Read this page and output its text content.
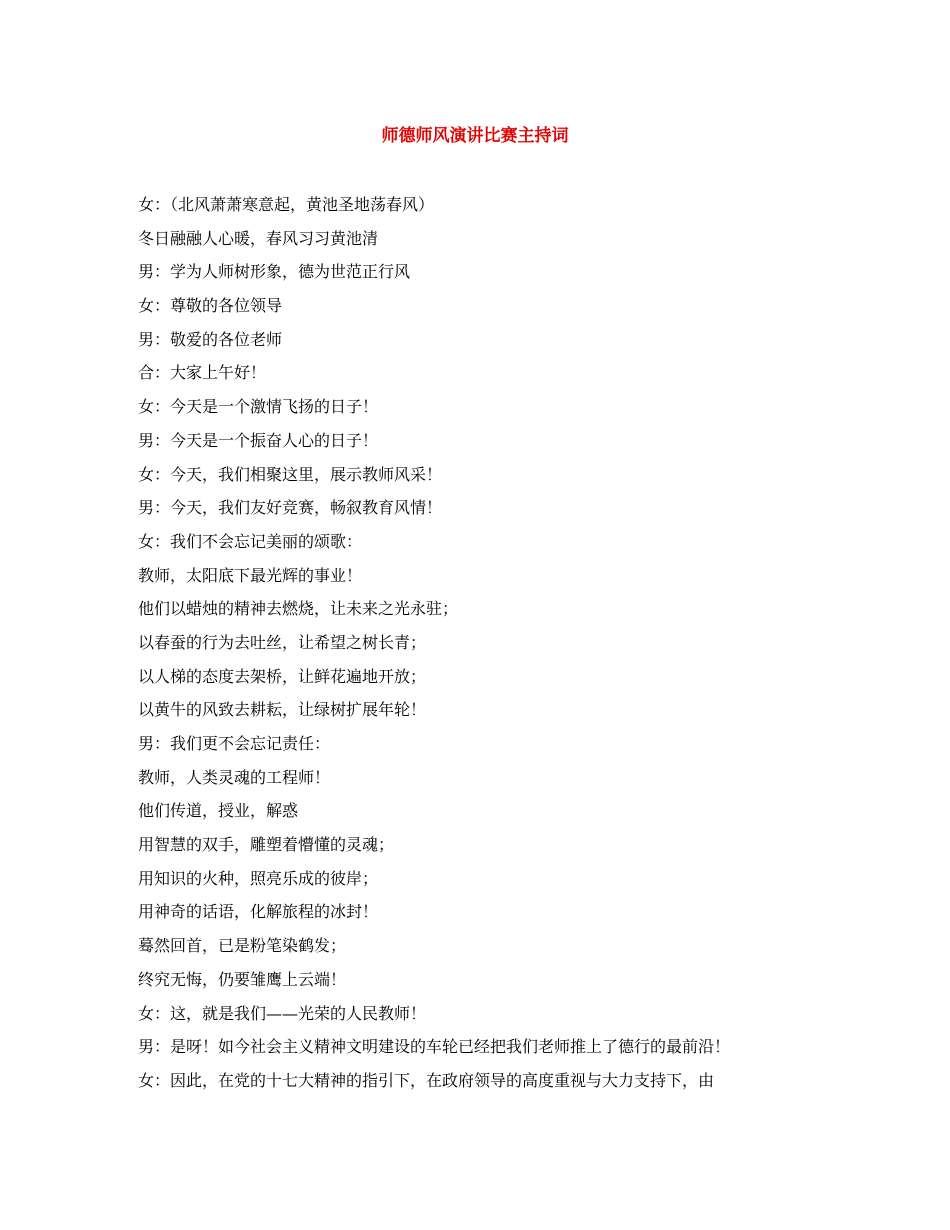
师德师风演讲比赛主持词

女：（北风萧萧寒意起，黄池圣地荡春风）

冬日融融人心暖，春风习习黄池清

男：学为人师树形象，德为世范正行风

女：尊敬的各位领导

男：敬爱的各位老师

合：大家上午好！

女：今天是一个激情飞扬的日子！

男：今天是一个振奋人心的日子！

女：今天，我们相聚这里，展示教师风采！

男：今天，我们友好竞赛，畅叙教育风情！

女：我们不会忘记美丽的颂歌：

教师，太阳底下最光辉的事业！

他们以蜡烛的精神去燃烧，让未来之光永驻；

以春蚕的行为去吐丝，让希望之树长青；

以人梯的态度去架桥，让鲜花遍地开放；

以黄牛的风致去耕耘，让绿树扩展年轮！

男：我们更不会忘记责任：

教师，人类灵魂的工程师！

他们传道，授业，解惑

用智慧的双手，雕塑着懵懂的灵魂；

用知识的火种，照亮乐成的彼岸；

用神奇的话语，化解旅程的冰封！

蓦然回首，已是粉笔染鹤发；

终究无悔，仍要雏鹰上云端！

女：这，就是我们——光荣的人民教师！

男：是呀！如今社会主义精神文明建设的车轮已经把我们老师推上了德行的最前沿！

女：因此，在党的十七大精神的指引下，在政府领导的高度重视与大力支持下，由
